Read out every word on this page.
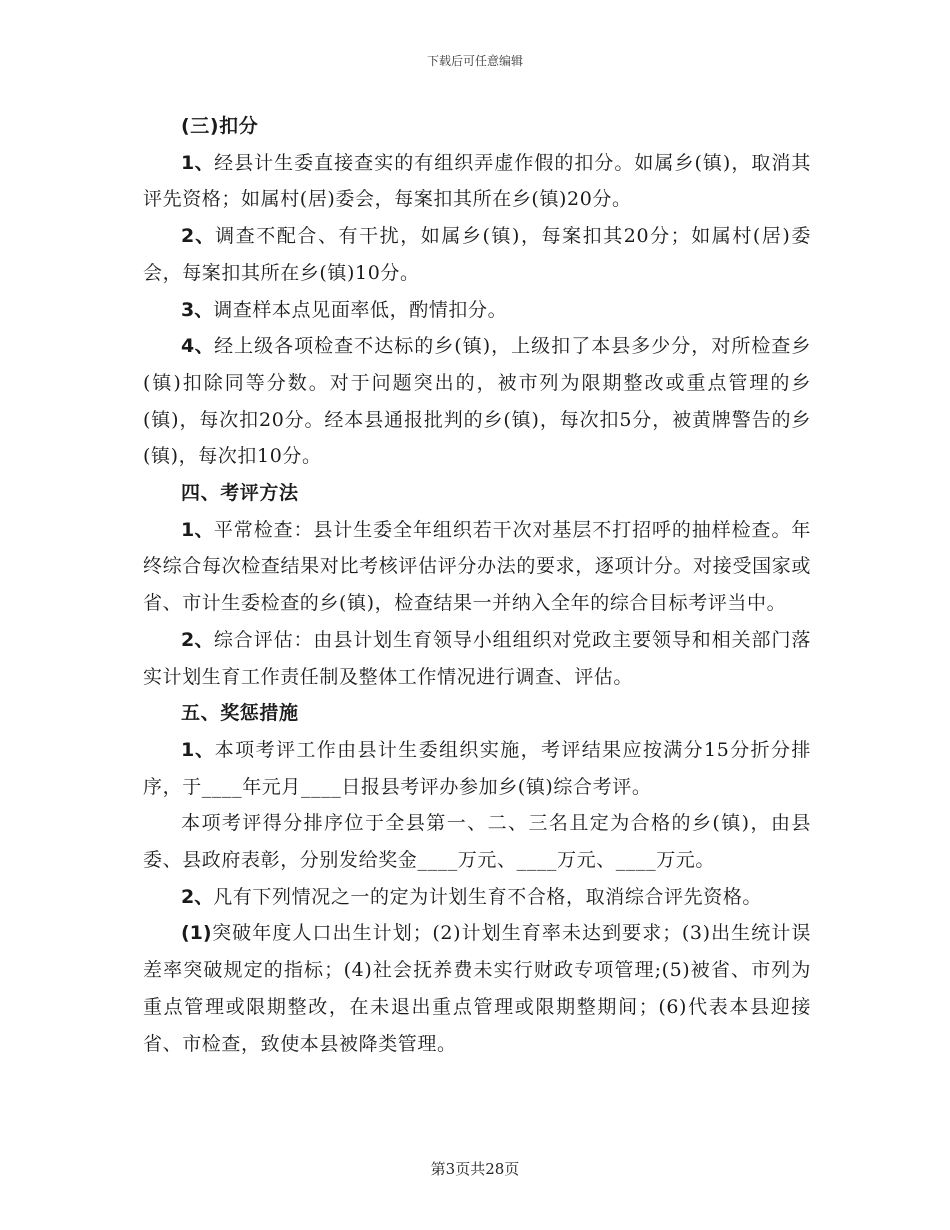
下载后可任意编辑

(三)扣分

1、经县计生委直接查实的有组织弄虚作假的扣分。如属乡(镇)，取消其评先资格；如属村(居)委会，每案扣其所在乡(镇)20分。

2、调查不配合、有干扰，如属乡(镇)，每案扣其20分；如属村(居)委会，每案扣其所在乡(镇)10分。

3、调查样本点见面率低，酌情扣分。

4、经上级各项检查不达标的乡(镇)，上级扣了本县多少分，对所检查乡(镇)扣除同等分数。对于问题突出的，被市列为限期整改或重点管理的乡(镇)，每次扣20分。经本县通报批判的乡(镇)，每次扣5分，被黄牌警告的乡(镇)，每次扣10分。

四、考评方法

1、平常检查：县计生委全年组织若干次对基层不打招呼的抽样检查。年终综合每次检查结果对比考核评估评分办法的要求，逐项计分。对接受国家或省、市计生委检查的乡(镇)，检查结果一并纳入全年的综合目标考评当中。

2、综合评估：由县计划生育领导小组组织对党政主要领导和相关部门落实计划生育工作责任制及整体工作情况进行调查、评估。

五、奖惩措施

1、本项考评工作由县计生委组织实施，考评结果应按满分15分折分排序，于____年元月____日报县考评办参加乡(镇)综合考评。

本项考评得分排序位于全县第一、二、三名且定为合格的乡(镇)，由县委、县政府表彰，分别发给奖金____万元、____万元、____万元。

2、凡有下列情况之一的定为计划生育不合格，取消综合评先资格。

(1)突破年度人口出生计划；(2)计划生育率未达到要求；(3)出生统计误差率突破规定的指标；(4)社会抚养费未实行财政专项管理;(5)被省、市列为重点管理或限期整改，在未退出重点管理或限期整期间；(6)代表本县迎接省、市检查，致使本县被降类管理。

第3页共28页
